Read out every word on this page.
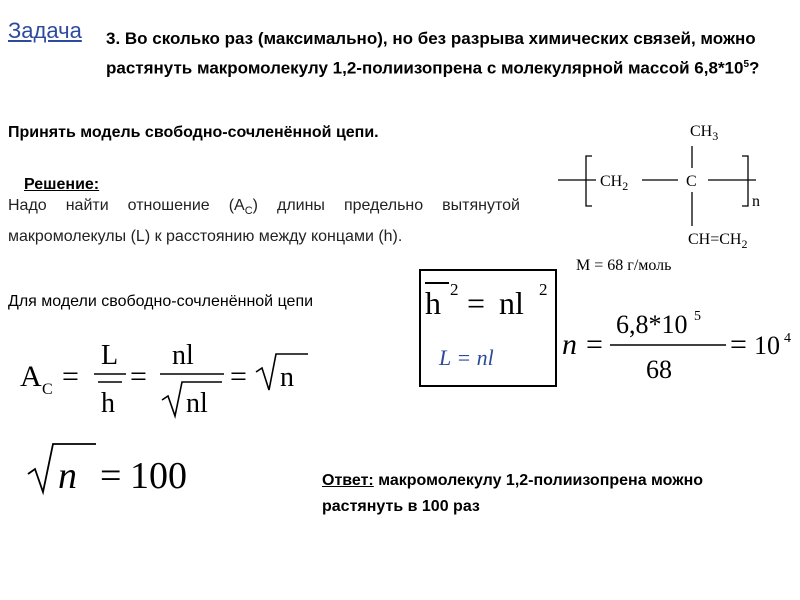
Задача 3. Во сколько раз (максимально), но без разрыва химических связей, можно растянуть макромолекулу 1,2-полиизопрена с молекулярной массой $6,8*10^5$?
Принять модель свободно-сочленённой цепи.
Решение:
Надо найти отношение $(А_С)$ длины предельно вытянутой макромолекулы (L) к расстоянию между концами (h).
Для модели свободно-сочленённой цепи
$CH_3$
$CH_2$	C
n
$CH=CH_2$
M = 68 г/моль
h 2 = nl 2
L = nl n =
6,8*10 5
68
= 10 4
A C =
L
h
=
nl
nl
= n
n = 100	Ответ: макромолекулу 1,2-полиизопрена можно растянуть в 100 раз
